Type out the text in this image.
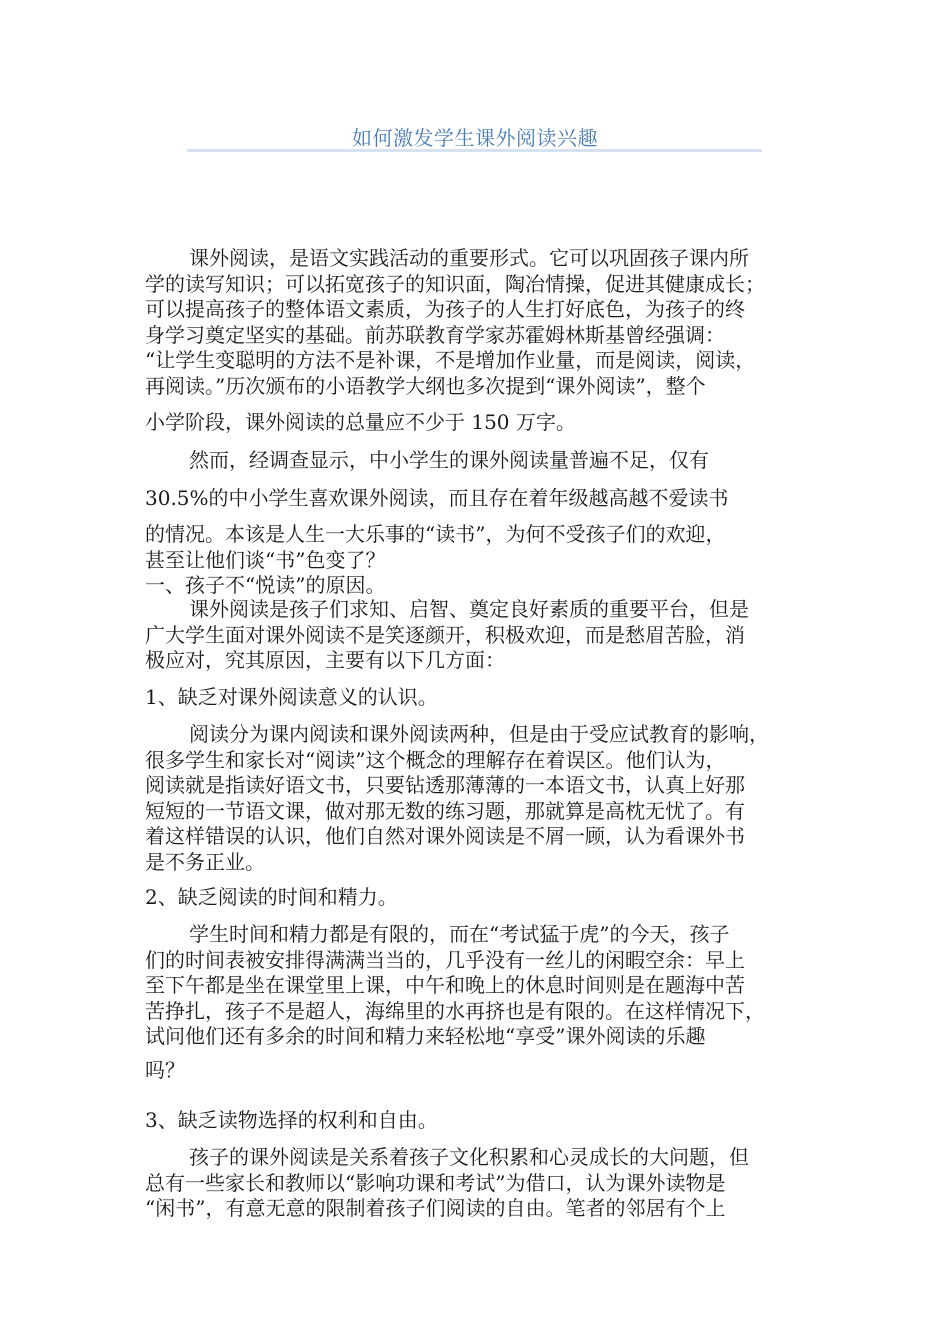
如何激发学生课外阅读兴趣
课外阅读，是语文实践活动的重要形式。它可以巩固孩子课内所
学的读写知识；可以拓宽孩子的知识面，陶冶情操，促进其健康成长；
可以提高孩子的整体语文素质，为孩子的人生打好底色，为孩子的终
身学习奠定坚实的基础。前苏联教育学家苏霍姆林斯基曾经强调：
“让学生变聪明的方法不是补课，不是增加作业量，而是阅读，阅读，
再阅读。”历次颁布的小语教学大纲也多次提到“课外阅读”，整个
小学阶段，课外阅读的总量应不少于 150 万字。
然而，经调查显示，中小学生的课外阅读量普遍不足，仅有
30.5%的中小学生喜欢课外阅读，而且存在着年级越高越不爱读书
的情况。本该是人生一大乐事的“读书”，为何不受孩子们的欢迎，
甚至让他们谈“书”色变了？
一、孩子不“悦读”的原因。
课外阅读是孩子们求知、启智、奠定良好素质的重要平台，但是
广大学生面对课外阅读不是笑逐颜开，积极欢迎，而是愁眉苦脸，消
极应对，究其原因，主要有以下几方面：
1、缺乏对课外阅读意义的认识。
阅读分为课内阅读和课外阅读两种，但是由于受应试教育的影响，
很多学生和家长对“阅读”这个概念的理解存在着误区。他们认为，
阅读就是指读好语文书，只要钻透那薄薄的一本语文书，认真上好那
短短的一节语文课，做对那无数的练习题，那就算是高枕无忧了。有
着这样错误的认识，他们自然对课外阅读是不屑一顾，认为看课外书
是不务正业。
2、缺乏阅读的时间和精力。
学生时间和精力都是有限的，而在“考试猛于虎”的今天，孩子
们的时间表被安排得满满当当的，几乎没有一丝儿的闲暇空余：早上
至下午都是坐在课堂里上课，中午和晚上的休息时间则是在题海中苦
苦挣扎，孩子不是超人，海绵里的水再挤也是有限的。在这样情况下，
试问他们还有多余的时间和精力来轻松地“享受”课外阅读的乐趣
吗？
3、缺乏读物选择的权利和自由。
孩子的课外阅读是关系着孩子文化积累和心灵成长的大问题，但
总有一些家长和教师以“影响功课和考试”为借口，认为课外读物是
“闲书”，有意无意的限制着孩子们阅读的自由。笔者的邻居有个上
